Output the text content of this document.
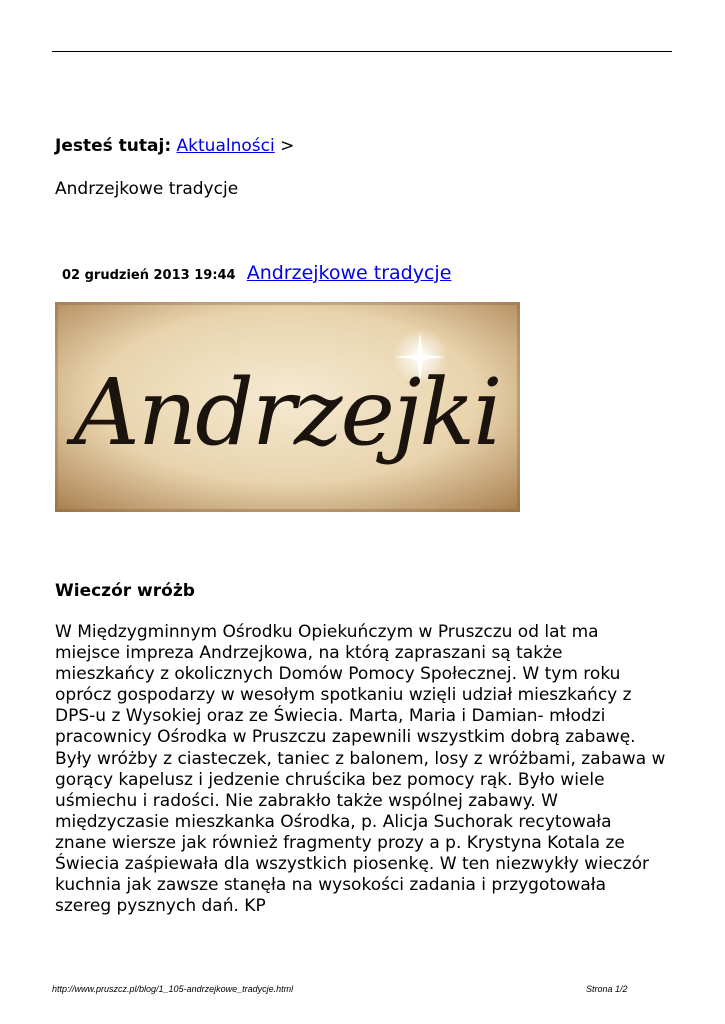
Jesteś tutaj: Aktualności >
Andrzejkowe tradycje
02 grudzień 2013 19:44 Andrzejkowe tradycje
Andrzejki
Wieczór wróżb
W Międzygminnym Ośrodku Opiekuńczym w Pruszczu od lat ma
miejsce impreza Andrzejkowa, na którą zapraszani są także
mieszkańcy z okolicznych Domów Pomocy Społecznej. W tym roku
oprócz gospodarzy w wesołym spotkaniu wzięli udział mieszkańcy z
DPS-u z Wysokiej oraz ze Świecia. Marta, Maria i Damian- młodzi
pracownicy Ośrodka w Pruszczu zapewnili wszystkim dobrą zabawę.
Były wróżby z ciasteczek, taniec z balonem, losy z wróżbami, zabawa w
gorący kapelusz i jedzenie chruścika bez pomocy rąk. Było wiele
uśmiechu i radości. Nie zabrakło także wspólnej zabawy. W
międzyczasie mieszkanka Ośrodka, p. Alicja Suchorak recytowała
znane wiersze jak również fragmenty prozy a p. Krystyna Kotala ze
Świecia zaśpiewała dla wszystkich piosenkę. W ten niezwykły wieczór
kuchnia jak zawsze stanęła na wysokości zadania i przygotowała
szereg pysznych dań. KP
http://www.pruszcz.pl/blog/1_105-andrzejkowe_tradycje.html	Strona 1/2
